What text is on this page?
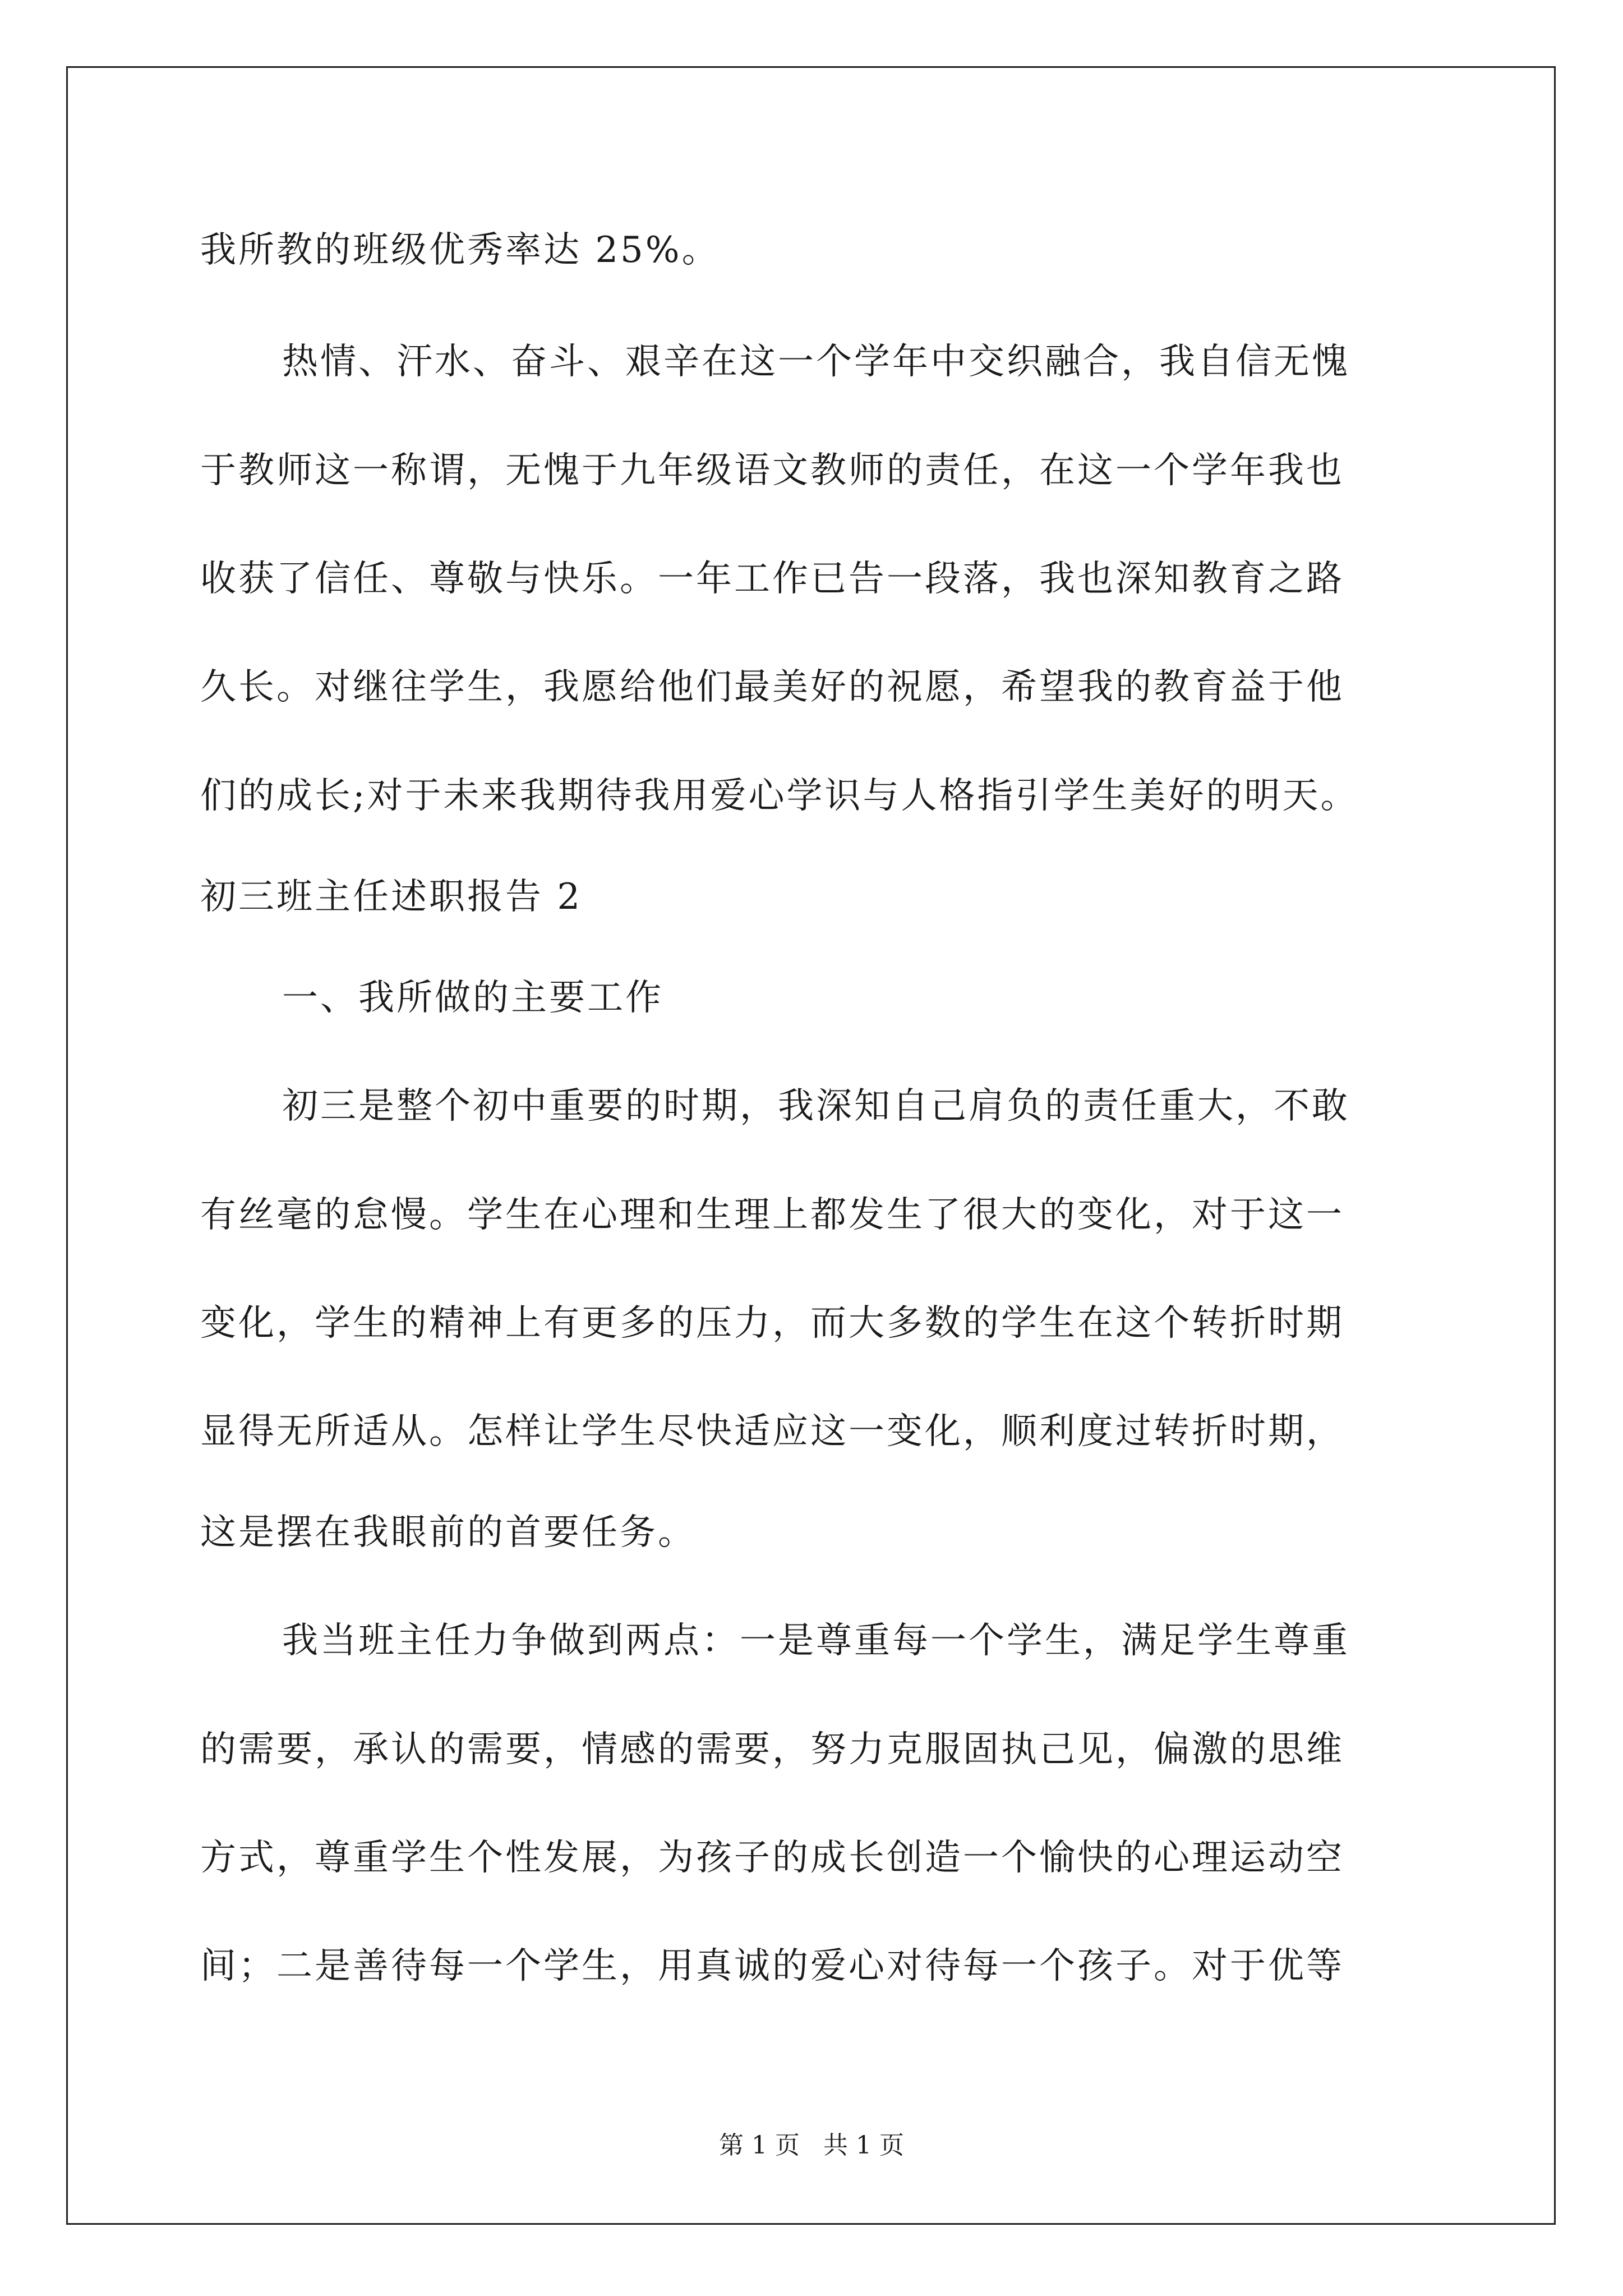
我所教的班级优秀率达 25%。
热情、汗水、奋斗、艰辛在这一个学年中交织融合，我自信无愧
于教师这一称谓，无愧于九年级语文教师的责任，在这一个学年我也
收获了信任、尊敬与快乐。一年工作已告一段落，我也深知教育之路
久长。对继往学生，我愿给他们最美好的祝愿，希望我的教育益于他
们的成长;对于未来我期待我用爱心学识与人格指引学生美好的明天。
初三班主任述职报告 2
一、我所做的主要工作
初三是整个初中重要的时期，我深知自己肩负的责任重大，不敢
有丝毫的怠慢。学生在心理和生理上都发生了很大的变化，对于这一
变化，学生的精神上有更多的压力，而大多数的学生在这个转折时期
显得无所适从。怎样让学生尽快适应这一变化，顺利度过转折时期，
这是摆在我眼前的首要任务。
我当班主任力争做到两点：一是尊重每一个学生，满足学生尊重
的需要，承认的需要，情感的需要，努力克服固执己见，偏激的思维
方式，尊重学生个性发展，为孩子的成长创造一个愉快的心理运动空
间；二是善待每一个学生，用真诚的爱心对待每一个孩子。对于优等
第 1 页 共 1 页
